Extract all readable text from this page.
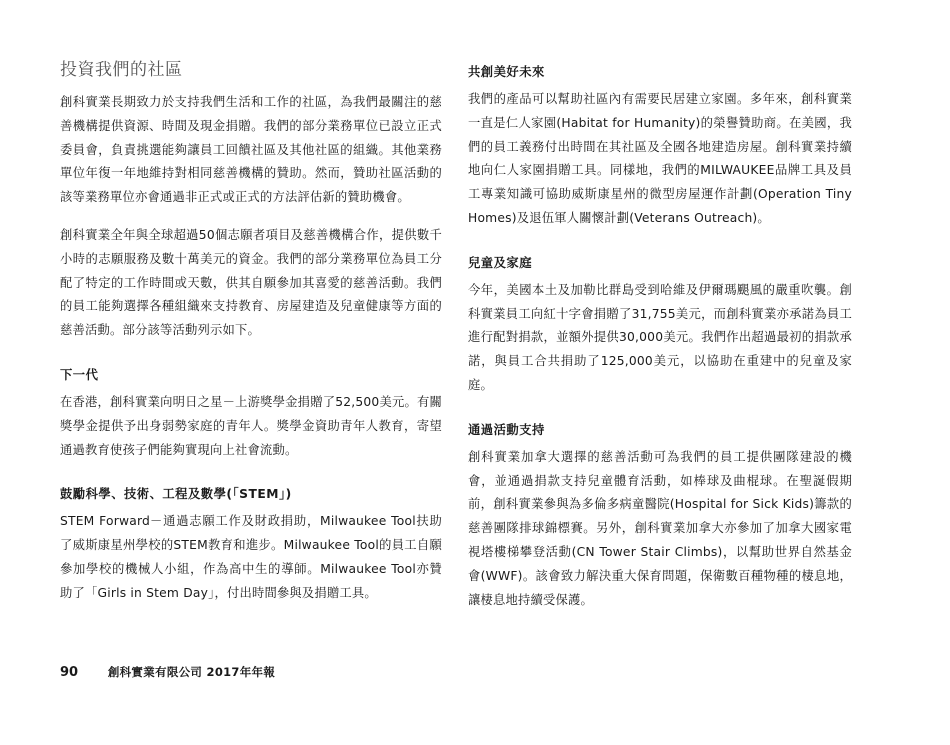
投資我們的社區

創科實業長期致力於支持我們生活和工作的社區，為我們最關注的慈善機構提供資源、時間及現金捐贈。我們的部分業務單位已設立正式委員會，負責挑選能夠讓員工回饋社區及其他社區的組織。其他業務單位年復一年地維持對相同慈善機構的贊助。然而，贊助社區活動的該等業務單位亦會通過非正式或正式的方法評估新的贊助機會。

創科實業全年與全球超過50個志願者項目及慈善機構合作，提供數千小時的志願服務及數十萬美元的資金。我們的部分業務單位為員工分配了特定的工作時間或天數，供其自願參加其喜愛的慈善活動。我們的員工能夠選擇各種組織來支持教育、房屋建造及兒童健康等方面的慈善活動。部分該等活動列示如下。

下一代

在香港，創科實業向明日之星－上游獎學金捐贈了52,500美元。有關獎學金提供予出身弱勢家庭的青年人。獎學金資助青年人教育，寄望通過教育使孩子們能夠實現向上社會流動。

鼓勵科學、技術、工程及數學(「STEM」)

STEM Forward－通過志願工作及財政捐助，Milwaukee Tool扶助了威斯康星州學校的STEM教育和進步。Milwaukee Tool的員工自願參加學校的機械人小組，作為高中生的導師。Milwaukee Tool亦贊助了「Girls in Stem Day」，付出時間參與及捐贈工具。

共創美好未來

我們的產品可以幫助社區內有需要民居建立家園。多年來，創科實業一直是仁人家園(Habitat for Humanity)的榮譽贊助商。在美國，我們的員工義務付出時間在其社區及全國各地建造房屋。創科實業持續地向仁人家園捐贈工具。同樣地，我們的MILWAUKEE品牌工具及員工專業知識可協助威斯康星州的微型房屋運作計劃(Operation Tiny Homes)及退伍軍人關懷計劃(Veterans Outreach)。

兒童及家庭

今年，美國本土及加勒比群島受到哈維及伊爾瑪颶風的嚴重吹襲。創科實業員工向紅十字會捐贈了31,755美元，而創科實業亦承諾為員工進行配對捐款，並額外提供30,000美元。我們作出超過最初的捐款承諾，與員工合共捐助了125,000美元，以協助在重建中的兒童及家庭。

通過活動支持

創科實業加拿大選擇的慈善活動可為我們的員工提供團隊建設的機會，並通過捐款支持兒童體育活動，如棒球及曲棍球。在聖誕假期前，創科實業參與為多倫多病童醫院(Hospital for Sick Kids)籌款的慈善團隊排球錦標賽。另外，創科實業加拿大亦參加了加拿大國家電視塔樓梯攀登活動(CN Tower Stair Climbs)，以幫助世界自然基金會(WWF)。該會致力解決重大保育問題，保衛數百種物種的棲息地，讓棲息地持續受保護。

90	創科實業有限公司 2017年年報
